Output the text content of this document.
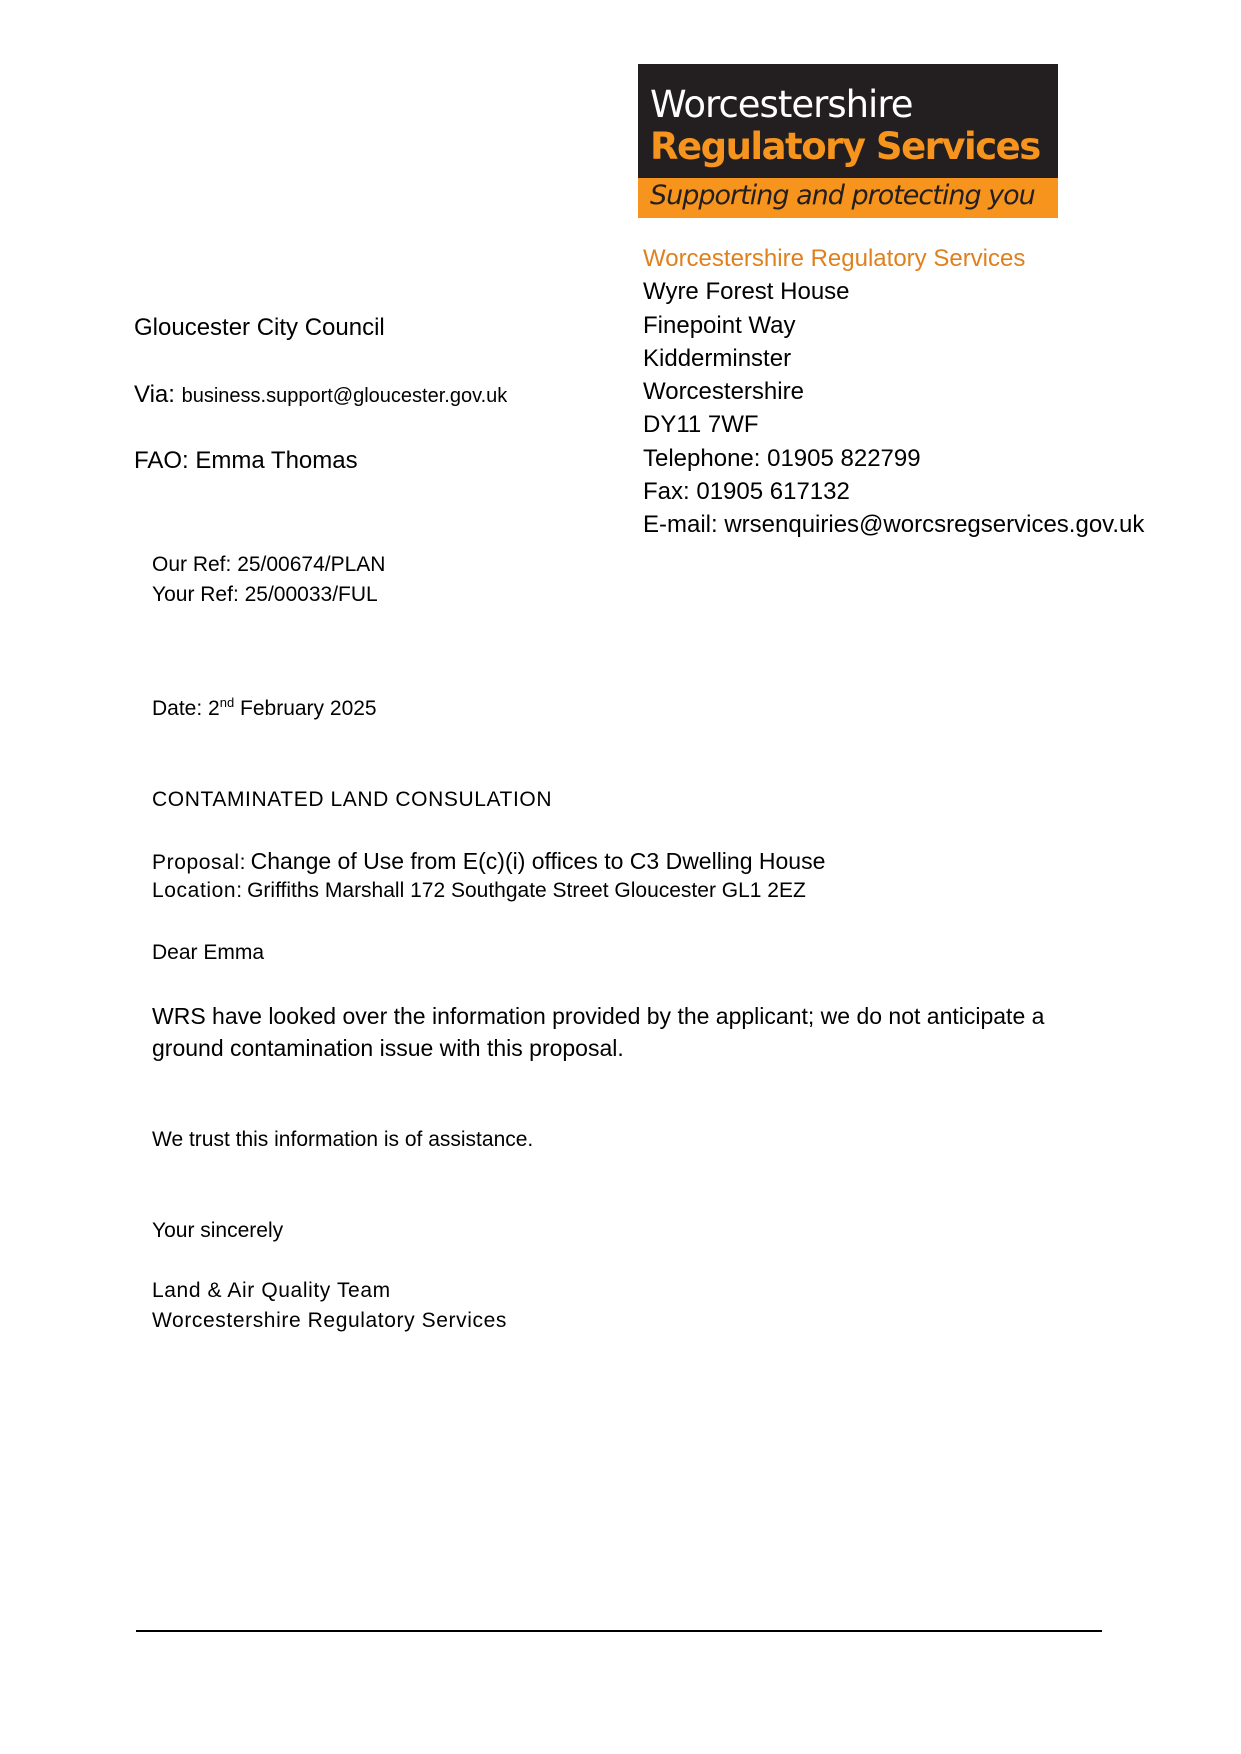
Worcestershire
Regulatory Services
Supporting and protecting you
Worcestershire Regulatory Services
Wyre Forest House
Finepoint Way
Kidderminster
Worcestershire
DY11 7WF
Telephone: 01905 822799
Fax: 01905 617132
E-mail: wrsenquiries@worcsregservices.gov.uk
Gloucester City Council
Via: business.support@gloucester.gov.uk
FAO: Emma Thomas
Our Ref: 25/00674/PLAN
Your Ref: 25/00033/FUL
Date: 2nd February 2025
CONTAMINATED LAND CONSULATION
Proposal: Change of Use from E(c)(i) offices to C3 Dwelling House
Location: Griffiths Marshall 172 Southgate Street Gloucester GL1 2EZ
Dear Emma
WRS have looked over the information provided by the applicant; we do not anticipate a
ground contamination issue with this proposal.
We trust this information is of assistance.
Your sincerely
Land & Air Quality Team
Worcestershire Regulatory Services
